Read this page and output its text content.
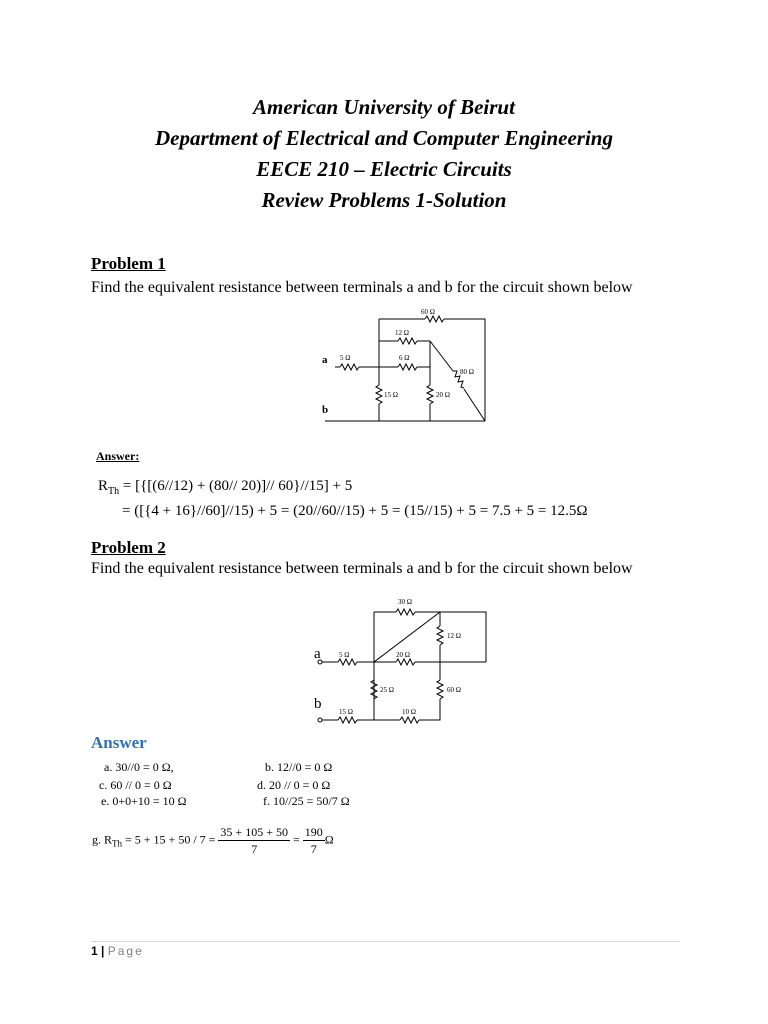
American University of Beirut
Department of Electrical and Computer Engineering
EECE 210 – Electric Circuits
Review Problems 1-Solution
Problem 1
Find the equivalent resistance between terminals a and b for the circuit shown below
60 Ω
12 Ω
5 Ω	6 Ω
80 Ω
15 Ω	20 Ω
a
b
Answer:
$R_{Th} = [\{[(6//12) + (80//$ 20)]// 60}//15] + 5
= ([{4 + 16}//60]//15) + 5 = (20//60//15) + 5 = (15//15) + 5 = 7.5 + 5 = 12.5Ω
Problem 2
Find the equivalent resistance between terminals a and b for the circuit shown below
30 Ω
12 Ω
5 Ω	20 Ω
25 Ω	60 Ω
15 Ω	10 Ω
a
b
Answer
a. 30//0 = 0 Ω,	b. 12//0 = 0 Ω
c. 60 // 0 = 0 Ω	d. 20 // 0 = 0 Ω
e. 0+0+10 = 10 Ω	f. 10//25 = 50/7 Ω
g. $R_{Th} = 5 + 15 + 50 / 7 = \frac{35 + 105 + 50}{7} = \frac{190}{7}$ Ω
1 | Page
